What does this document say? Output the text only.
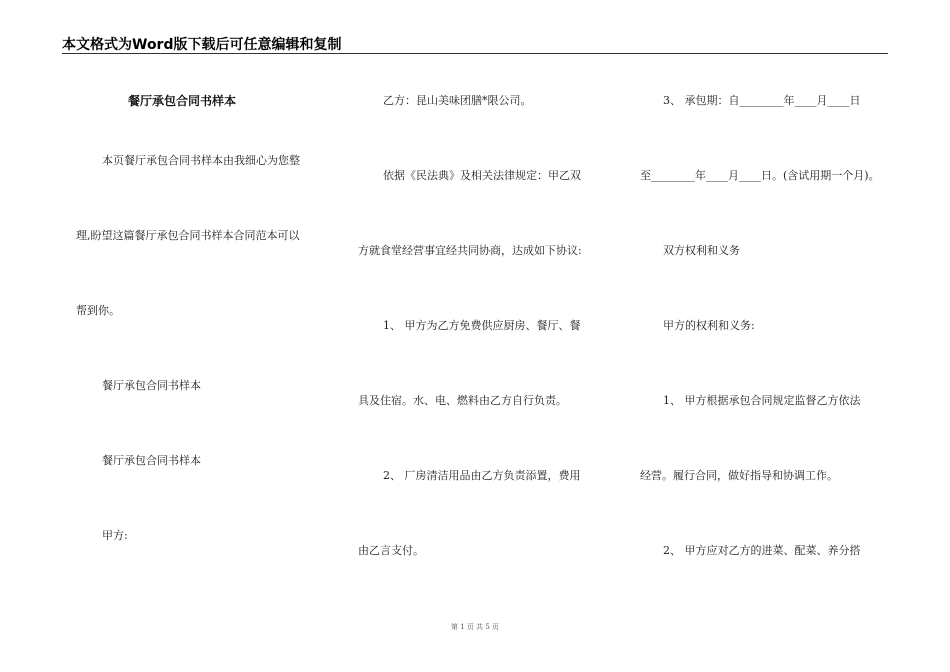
本文格式为Word版下载后可任意编辑和复制
餐厅承包合同书样本
本页餐厅承包合同书样本由我细心为您整
理,盼望这篇餐厅承包合同书样本合同范本可以
帮到你。
餐厅承包合同书样本
餐厅承包合同书样本
甲方:
乙方：昆山美味团膳*限公司。
依据《民法典》及相关法律规定：甲乙双
方就食堂经营事宜经共同协商，达成如下协议:
1、 甲方为乙方免费供应厨房、餐厅、餐
具及住宿。水、电、燃料由乙方自行负责。
2、 厂房清洁用品由乙方负责添置，费用
由乙言支付。
3、 承包期：自________年____月____日
至________年____月____日。(含试用期一个月)。
双方权利和义务
甲方的权利和义务:
1、 甲方根据承包合同规定监督乙方依法
经营。履行合同，做好指导和协调工作。
2、 甲方应对乙方的进菜、配菜、养分搭
第 1 页 共 5 页
